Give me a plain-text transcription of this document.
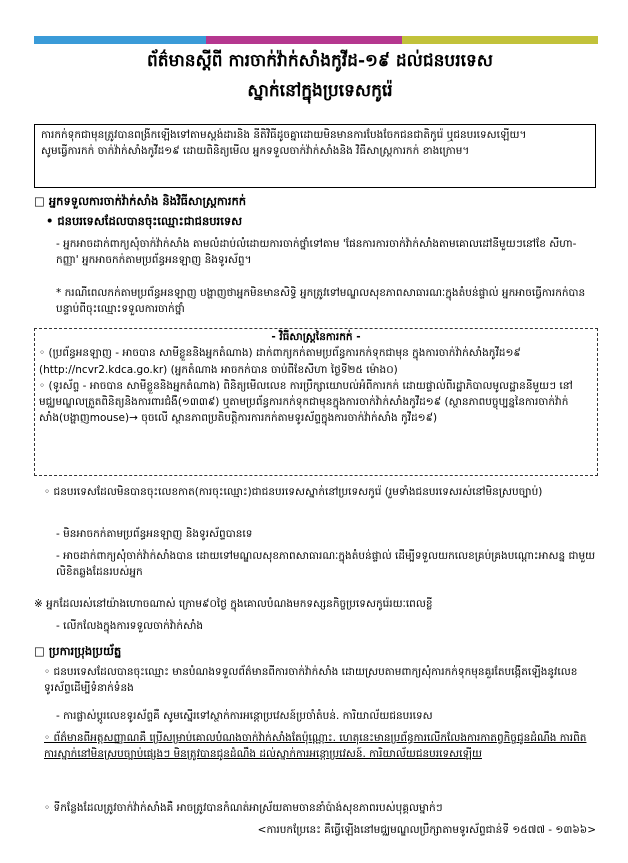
ព័ត៌មានស្ដីពី ការចាក់វ៉ាក់សាំងកូវីដ-១៩ ដល់ជនបរទេស
ស្នាក់នៅក្នុងប្រទេសកូរ៉េ

ការកក់ទុកជាមុនត្រូវបានពង្រីកឡើងទៅតាមស្តង់ដារនិង នីតិវិធីដូចគ្នាដោយមិនមានការបែងចែកជនជាតិកូរ៉េ ឬជនបរទេសឡើយ។

សូមធ្វើការកក់ ចាក់វ៉ាក់សាំងកូវីដ១៩ ដោយពិនិត្យមើល អ្នកទទួលចាក់វ៉ាក់សាំងនិង វិធីសាស្ត្រការកក់ ខាងក្រោម។

□ អ្នកទទួលការចាក់វ៉ាក់សាំង និងវិធីសាស្ត្រការកក់
• ជនបរទេសដែលបានចុះឈ្មោះជាជនបរទេស
- អ្នកអាចដាក់ពាក្យសុំចាក់វ៉ាក់សាំង តាមលំដាប់លំដោយការចាក់ថ្នាំទៅតាម 'ផែនការការចាក់វ៉ាក់សាំងតាមគោលដៅនីមួយៗនៅខែ សីហា-កញ្ញា' អ្នកអាចកក់តាមប្រព័ន្ធអនឡាញ និងទូរស័ព្ទ។
* ករណីពេលកក់តាមប្រព័ន្ធអនឡាញ បង្ហាញថាអ្នកមិនមានសិទ្ធិ អ្នកត្រូវទៅមណ្ឌលសុខភាពសាធារណៈក្នុងតំបន់ផ្ទាល់ អ្នកអាចធ្វើការកក់បាន បន្ទាប់ពីចុះឈ្មោះទទួលការចាក់ថ្នាំ
- វិធីសាស្ត្រនៃការកក់ -

◦ (ប្រព័ន្ធអនឡាញ - អាចបាន សាមីខ្លួននិងអ្នកតំណាង) ដាក់ពាក្យកក់តាមប្រព័ន្ធការកក់ទុកជាមុន ក្នុងការចាក់វ៉ាក់សាំងកូវីដ១៩ (http://ncvr2.kdca.go.kr) (អ្នកតំណាង អាចកក់បាន ចាប់ពីខែសីហា ថ្ងៃទី២៥ ម៉ោង០)

◦ (ទូរស័ព្ទ - អាចបាន សាមីខ្លួននិងអ្នកតំណាង) ពិនិត្យមើលលេខ ការប្រឹក្សាយោបល់អំពីការកក់ ដោយផ្ទាល់ពីរដ្ឋាភិបាលមូលដ្ឋាននីមួយៗ នៅមជ្ឈមណ្ឌលត្រួតពិនិត្យនិងការពារជំងឺ(១៣៣៩) ឬតាមប្រព័ន្ធការកក់ទុកជាមុនក្នុងការចាក់វ៉ាក់សាំងកូវីដ១៩ (ស្ថានភាពបច្ចុប្បន្ននៃការចាក់វ៉ាក់សាំង(បង្ហាញmouse)→ ចុចលើ ស្ថានភាពប្រតិបត្តិការការកក់តាមទូរស័ព្ទក្នុងការចាក់វ៉ាក់សាំង កូវីដ១៩)

◦ ជនបរទេសដែលមិនបានចុះលេខកាត(ការចុះឈ្មោះ)ជាជនបរទេសស្នាក់នៅប្រទេសកូរ៉េ (រួមទាំងជនបរទេសរស់នៅមិនស្របច្បាប់)
- មិនអាចកក់តាមប្រព័ន្ធអនឡាញ និងទូរស័ព្ទបានទេ
- អាចដាក់ពាក្យសុំចាក់វ៉ាក់សាំងបាន ដោយទៅមណ្ឌលសុខភាពសាធារណៈក្នុងតំបន់ផ្ទាល់ ដើម្បីទទួលយកលេខគ្រប់គ្រងបណ្តោះអាសន្ន ជាមួយលិខិតឆ្លងដែនរបស់អ្នក
※ អ្នកដែលរស់នៅយ៉ាងហោចណាស់ ក្រោម៩០ថ្ងៃ ក្នុងគោលបំណងមកទស្សនកិច្ចប្រទេសកូរ៉េរយៈពេលខ្លី
- លើកលែងក្នុងការទទួលចាក់វ៉ាក់សាំង
□ ប្រការប្រុងប្រយ័ត្ន
◦ ជនបរទេសដែលបានចុះឈ្មោះ មានបំណងទទួលព័ត៌មានពីការចាក់វ៉ាក់សាំង ដោយស្របតាមពាក្យសុំការកក់ទុកមុនគួរតែបង្កើតឡើងនូវលេខទូរស័ព្ទដើម្បីទំនាក់ទំនង
- ការផ្លាស់ប្ដូរលេខទូរស័ព្ទគឺ សូមស្នើរទៅស្ថាក់ការអន្តោប្រវេសន៍ប្រចាំតំបន់. ការិយាល័យជនបរទេស
◦ ព័ត៌មានពីអត្តសញ្ញាណគឺ ប្រើសម្រាប់គោលបំណងចាក់វ៉ាក់សាំងតែប៉ុណ្ណោះ. ហេតុនេះមានប្រព័ន្ធការលើកលែងការកាតព្វកិច្ចជូនដំណឹង ការពិតការស្នាក់នៅមិនស្របច្បាប់ផ្សេងៗ មិនត្រូវបានជូនដំណឹង ដល់ស្នាក់ការអន្តោប្រវេសន៍. ការិយាល័យជនបរទេសឡើយ
◦ ទីកន្លែងដែលត្រូវចាក់វ៉ាក់សាំងគឺ អាចត្រូវបានកំណត់អាស្រ័យតាមចាននាំប៉ាង់សុខភាពរបស់បុគ្គលម្នាក់ៗ
<ការបកប្រែនេះ គឺធ្វើឡើងនៅមជ្ឈមណ្ឌលប្រឹក្សាតាមទូរស័ព្ទជាន់ទី ១៥៧៧ - ១៣៦៦>
